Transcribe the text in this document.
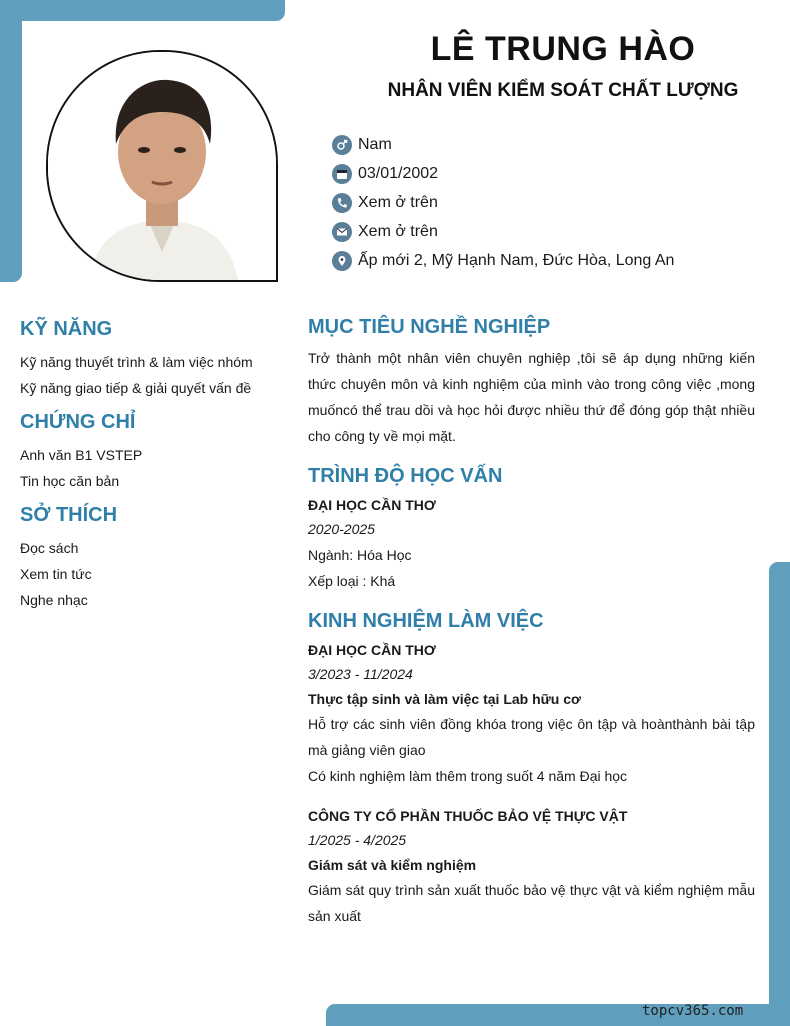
LÊ TRUNG HÀO
NHÂN VIÊN KIỂM SOÁT CHẤT LƯỢNG
Nam
03/01/2002
Xem ở trên
Xem ở trên
Ấp mới 2, Mỹ Hạnh Nam, Đức Hòa, Long An
KỸ NĂNG
Kỹ năng thuyết trình & làm việc nhóm
Kỹ năng giao tiếp & giải quyết vấn đề
CHỨNG CHỈ
Anh văn B1 VSTEP
Tin học căn bản
SỞ THÍCH
Đọc sách
Xem tin tức
Nghe nhạc
MỤC TIÊU NGHỀ NGHIỆP
Trở thành một nhân viên chuyên nghiệp ,tôi sẽ áp dụng những kiến thức chuyên môn và kinh nghiệm của mình vào trong công việc ,mong muốncó thể trau dồi và học hỏi được nhiều thứ để đóng góp thật nhiều cho công ty về mọi mặt.
TRÌNH ĐỘ HỌC VẤN
ĐẠI HỌC CẦN THƠ
2020-2025
Ngành: Hóa Học
Xếp loại : Khá
KINH NGHIỆM LÀM VIỆC
ĐẠI HỌC CẦN THƠ
3/2023 - 11/2024
Thực tập sinh và làm việc tại Lab hữu cơ
Hỗ trợ các sinh viên đồng khóa trong việc ôn tập và hoànthành bài tập mà giảng viên giao
Có kinh nghiệm làm thêm trong suốt 4 năm Đại học
CÔNG TY CỔ PHẦN THUỐC BẢO VỆ THỰC VẬT
1/2025 - 4/2025
Giám sát và kiểm nghiệm
Giám sát quy trình sản xuất thuốc bảo vệ thực vật và kiểm nghiệm mẫu sản xuất
topcv365.com
